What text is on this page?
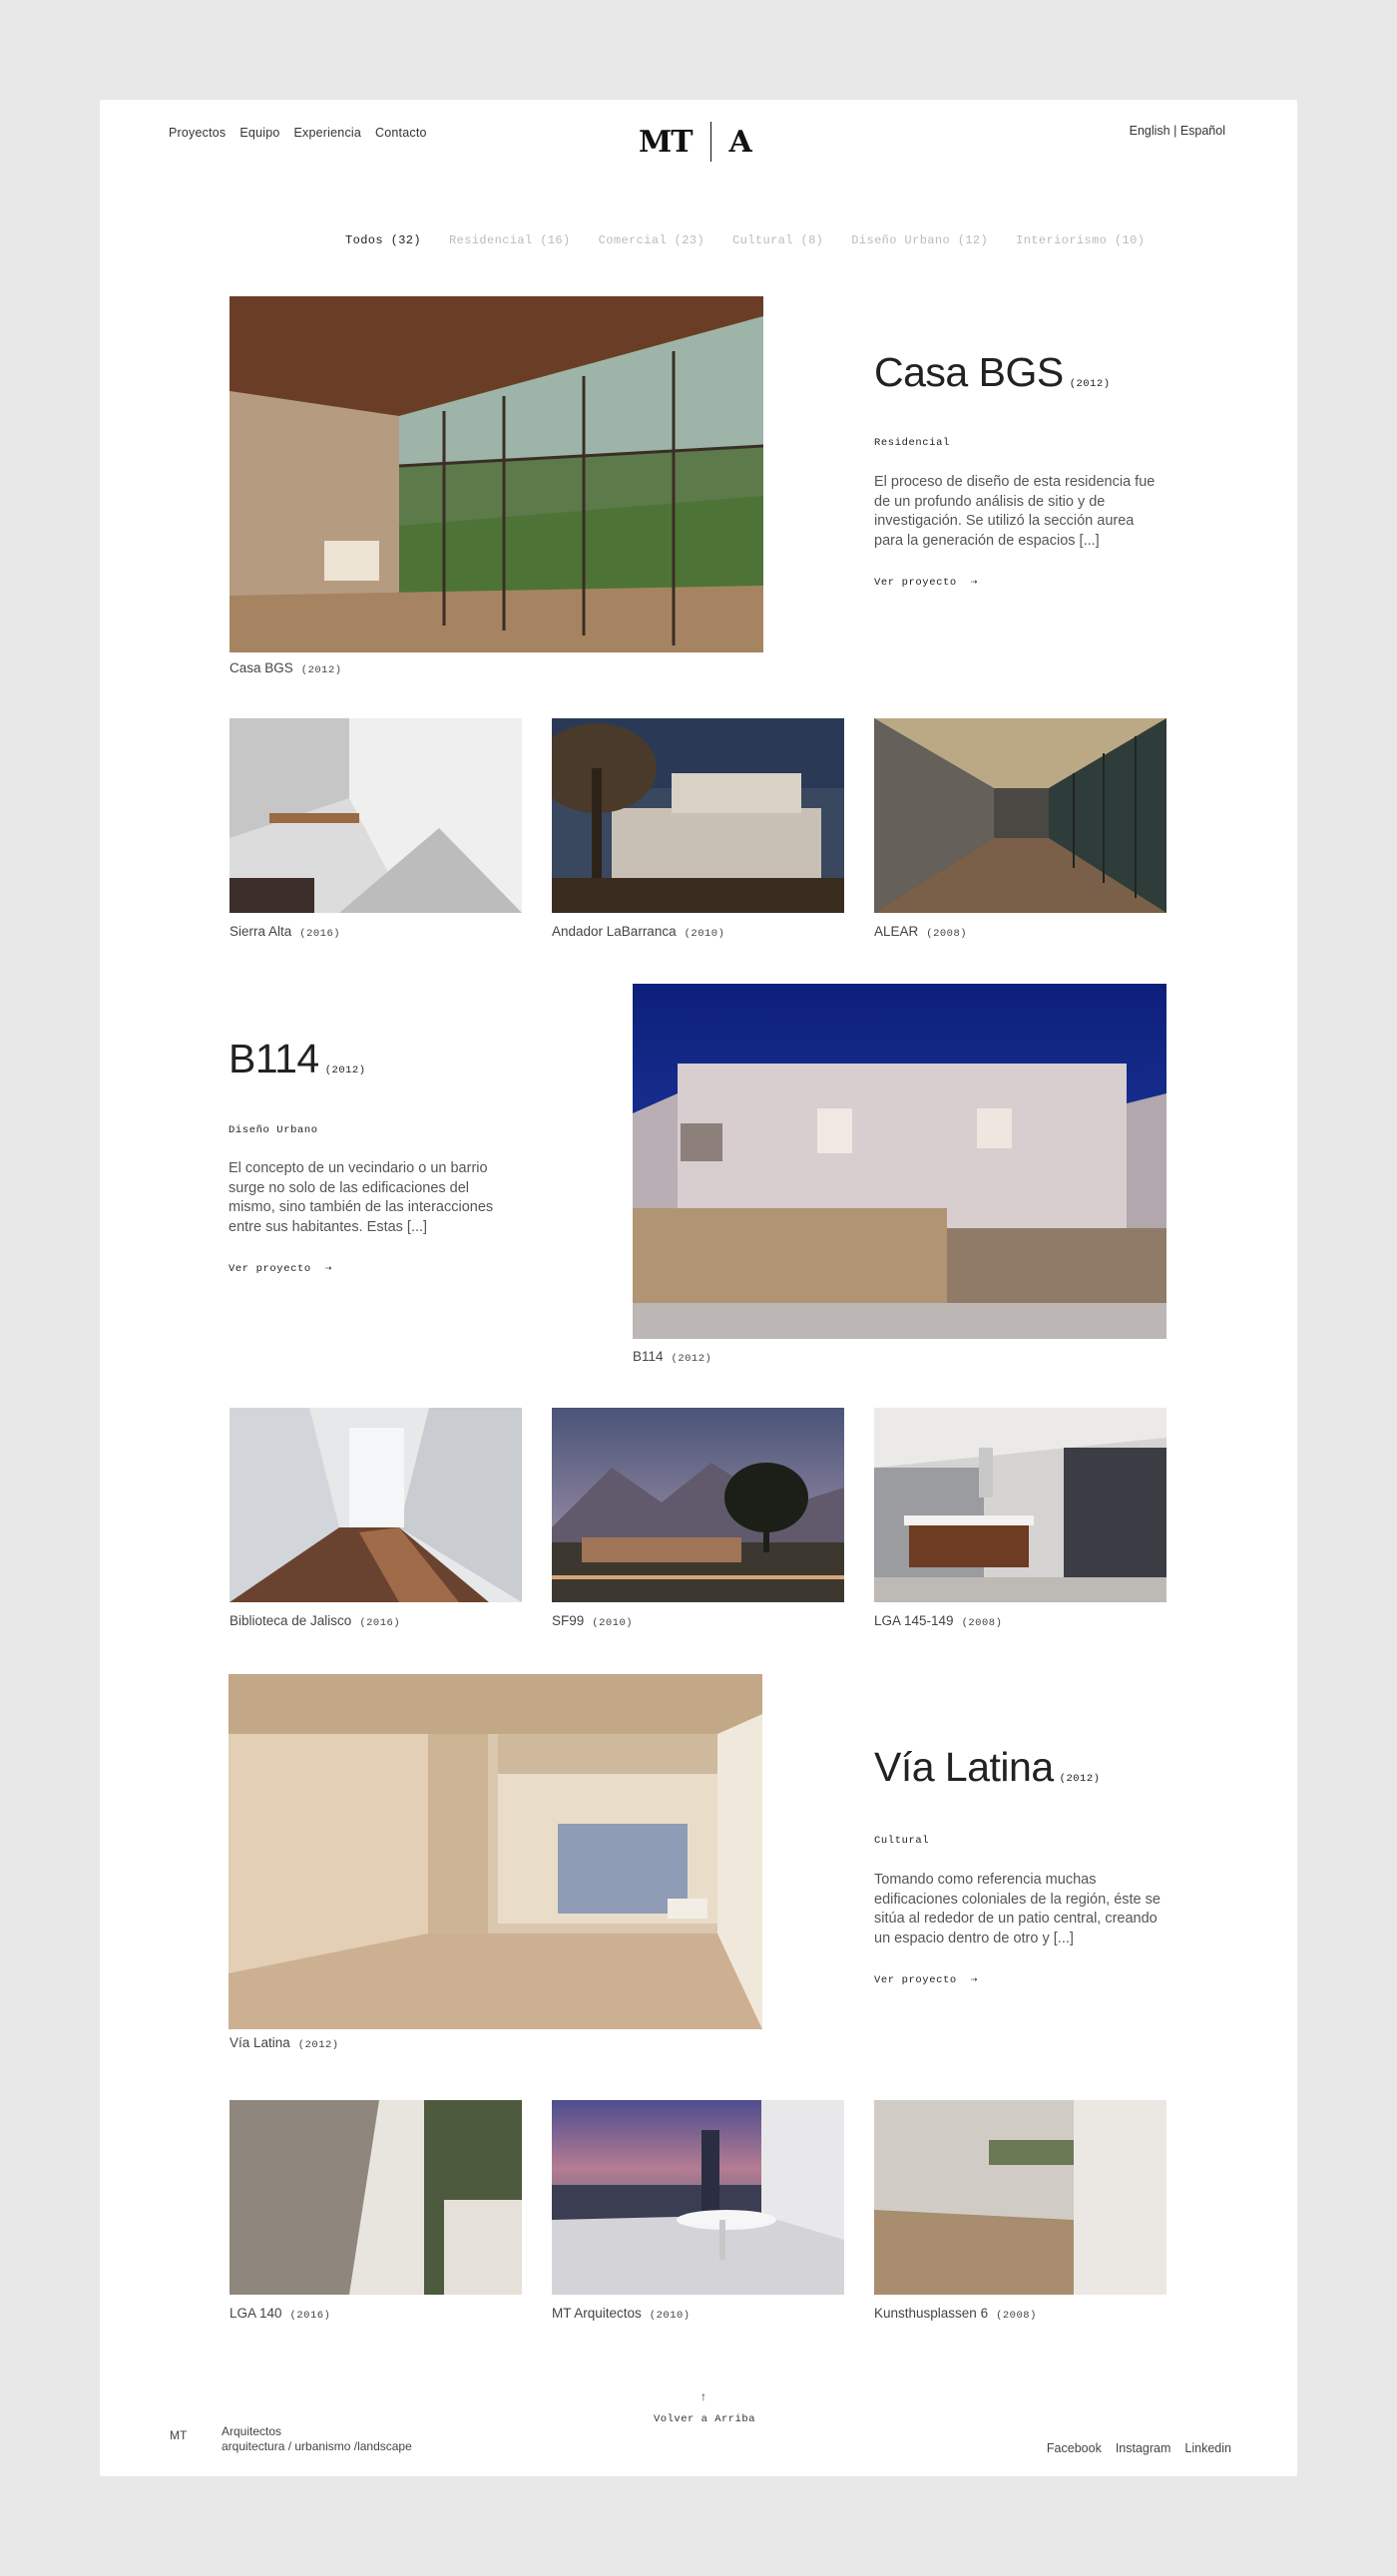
Proyectos Equipo Experiencia Contacto	MT A	English | Español
Todos (32) Residencial (16) Comercial (23) Cultural (8) Diseño Urbano (12) Interiorismo (10)
Casa BGS (2012)
Casa BGS (2012)
Residencial
El proceso de diseño de esta residencia fue de un profundo análisis de sitio y de investigación. Se utilizó la sección aurea para la generación de espacios [...]
Ver proyecto ⇢
Sierra Alta (2016)	Andador LaBarranca (2010)	ALEAR (2008)
B114 (2012)
Diseño Urbano
El concepto de un vecindario o un barrio surge no solo de las edificaciones del mismo, sino también de las interacciones entre sus habitantes. Estas [...]
Ver proyecto ⇢
B114 (2012)
Biblioteca de Jalisco (2016)	SF99 (2010)	LGA 145-149 (2008)
Vía Latina (2012)
Vía Latina (2012)
Cultural
Tomando como referencia muchas edificaciones coloniales de la región, éste se sitúa al rededor de un patio central, creando un espacio dentro de otro y [...]
Ver proyecto ⇢
LGA 140 (2016)	MT Arquitectos (2010)	Kunsthusplassen 6 (2008)
MT	Arquitectos
arquitectura / urbanismo /landscape
↑
Volver a Arriba
Facebook Instagram Linkedin
